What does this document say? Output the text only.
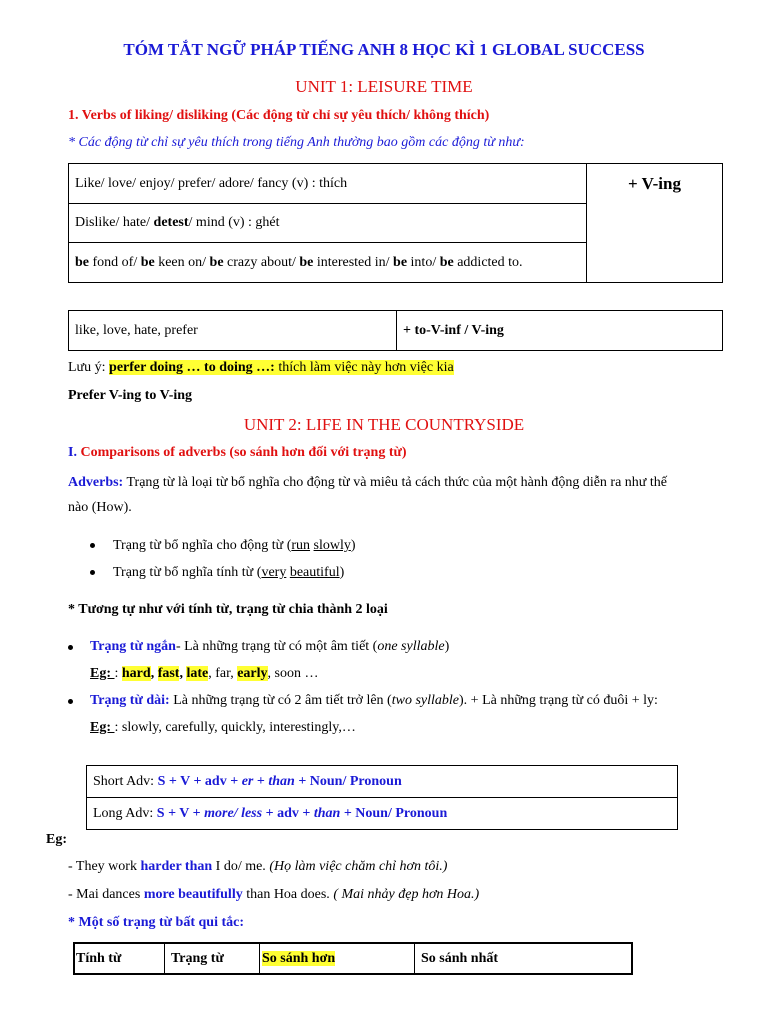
TÓM TẮT NGỮ PHÁP TIẾNG ANH 8 HỌC KÌ 1 GLOBAL SUCCESS
UNIT 1: LEISURE TIME
1. Verbs of liking/ disliking (Các động từ chỉ sự yêu thích/ không thích)
* Các động từ chỉ sự yêu thích trong tiếng Anh thường bao gồm các động từ như:
Like/ love/ enjoy/ prefer/ adore/ fancy (v) : thích	+ V-ing
Dislike/ hate/ detest/ mind (v) : ghét
be fond of/ be keen on/ be crazy about/ be interested in/ be into/ be addicted to.
like, love, hate, prefer	+ to-V-inf / V-ing
Lưu ý: perfer doing … to doing …: thích làm việc này hơn việc kia
Prefer V-ing to V-ing
UNIT 2: LIFE IN THE COUNTRYSIDE
I. Comparisons of adverbs (so sánh hơn đối với trạng từ)
Adverbs: Trạng từ là loại từ bổ nghĩa cho động từ và miêu tả cách thức của một hành động diễn ra như thế
nào (How).
Trạng từ bổ nghĩa cho động từ (run slowly)
Trạng từ bổ nghĩa tính từ (very beautiful)
* Tương tự như với tính từ, trạng từ chia thành 2 loại
Trạng từ ngắn- Là những trạng từ có một âm tiết (one syllable)
Eg: : hard, fast, late, far, early, soon …
Trạng từ dài: Là những trạng từ có 2 âm tiết trở lên (two syllable). + Là những trạng từ có đuôi + ly:
Eg: : slowly, carefully, quickly, interestingly,…
Short Adv: S + V + adv + er + than + Noun/ Pronoun
Long Adv: S + V + more/ less + adv + than + Noun/ Pronoun
Eg:
- They work harder than I do/ me. (Họ làm việc chăm chỉ hơn tôi.)
- Mai dances more beautifully than Hoa does. ( Mai nhảy đẹp hơn Hoa.)
* Một số trạng từ bất qui tắc:
Tính từ	Trạng từ	So sánh hơn	So sánh nhất
